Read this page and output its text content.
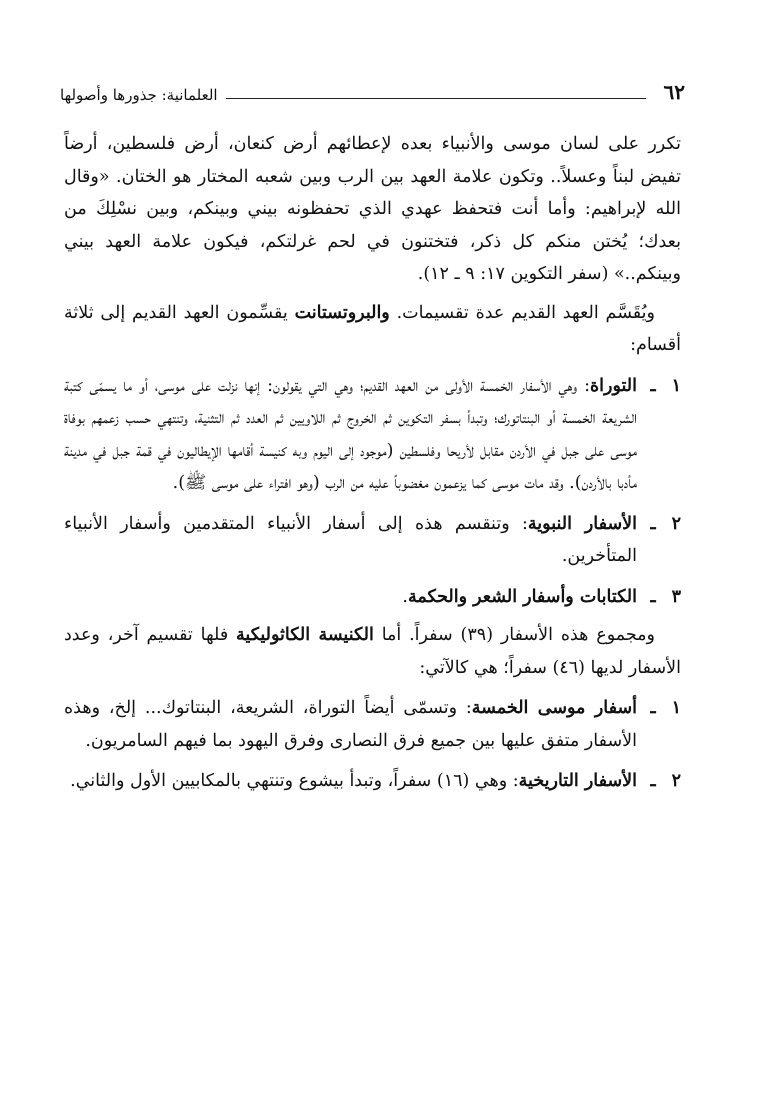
٦٢
العلمانية: جذورها وأصولها

تكرر على لسان موسى والأنبياء بعده لإعطائهم أرض كنعان، أرض فلسطين، أرضاً تفيض لبناً وعسلاً.. وتكون علامة العهد بين الرب وبين شعبه المختار هو الختان. «وقال الله لإبراهيم: وأما أنت فتحفظ عهدي الذي تحفظونه بيني وبينكم، وبين نسْلِكَ من بعدك؛ يُختن منكم كل ذكر، فتختنون في لحم غرلتكم، فيكون علامة العهد بيني وبينكم..» (سفر التكوين ١٧: ٩ ـ ١٢).

ويُقَسَّم العهد القديم عدة تقسيمات. والبروتستانت يقسِّمون العهد القديم إلى ثلاثة أقسام:

١
ـ
التوراة: وهي الأسفار الخمسة الأولى من العهد القديم؛ وهي التي يقولون: إنها نزلت على موسى، أو ما يسمّى كتبة الشريعة الخمسة أو البنتاتورك؛ وتبدأ بسفر التكوين ثم الخروج ثم اللاويين ثم العدد ثم التثنية، وتنتهي حسب زعمهم بوفاة موسى على جبل في الأردن مقابل لأريحا وفلسطين (موجود إلى اليوم وبه كنيسة أقامها الإيطاليون في قمة جبل في مدينة مأدبا بالأردن). وقد مات موسى كما يزعمون مغضوباً عليه من الرب (وهو افتراء على موسى ﷺ).
٢
ـ
الأسفار النبوية: وتنقسم هذه إلى أسفار الأنبياء المتقدمين وأسفار الأنبياء المتأخرين.
٣
ـ
الكتابات وأسفار الشعر والحكمة.

ومجموع هذه الأسفار (٣٩) سفراً. أما الكنيسة الكاثوليكية فلها تقسيم آخر، وعدد الأسفار لديها (٤٦) سفراً؛ هي كالآتي:

١
ـ
أسفار موسى الخمسة: وتسمّى أيضاً التوراة، الشريعة، البنتاتوك... إلخ، وهذه الأسفار متفق عليها بين جميع فرق النصارى وفرق اليهود بما فيهم السامريون.
٢
ـ
الأسفار التاريخية: وهي (١٦) سفراً، وتبدأ بيشوع وتنتهي بالمكابيين الأول والثاني.
